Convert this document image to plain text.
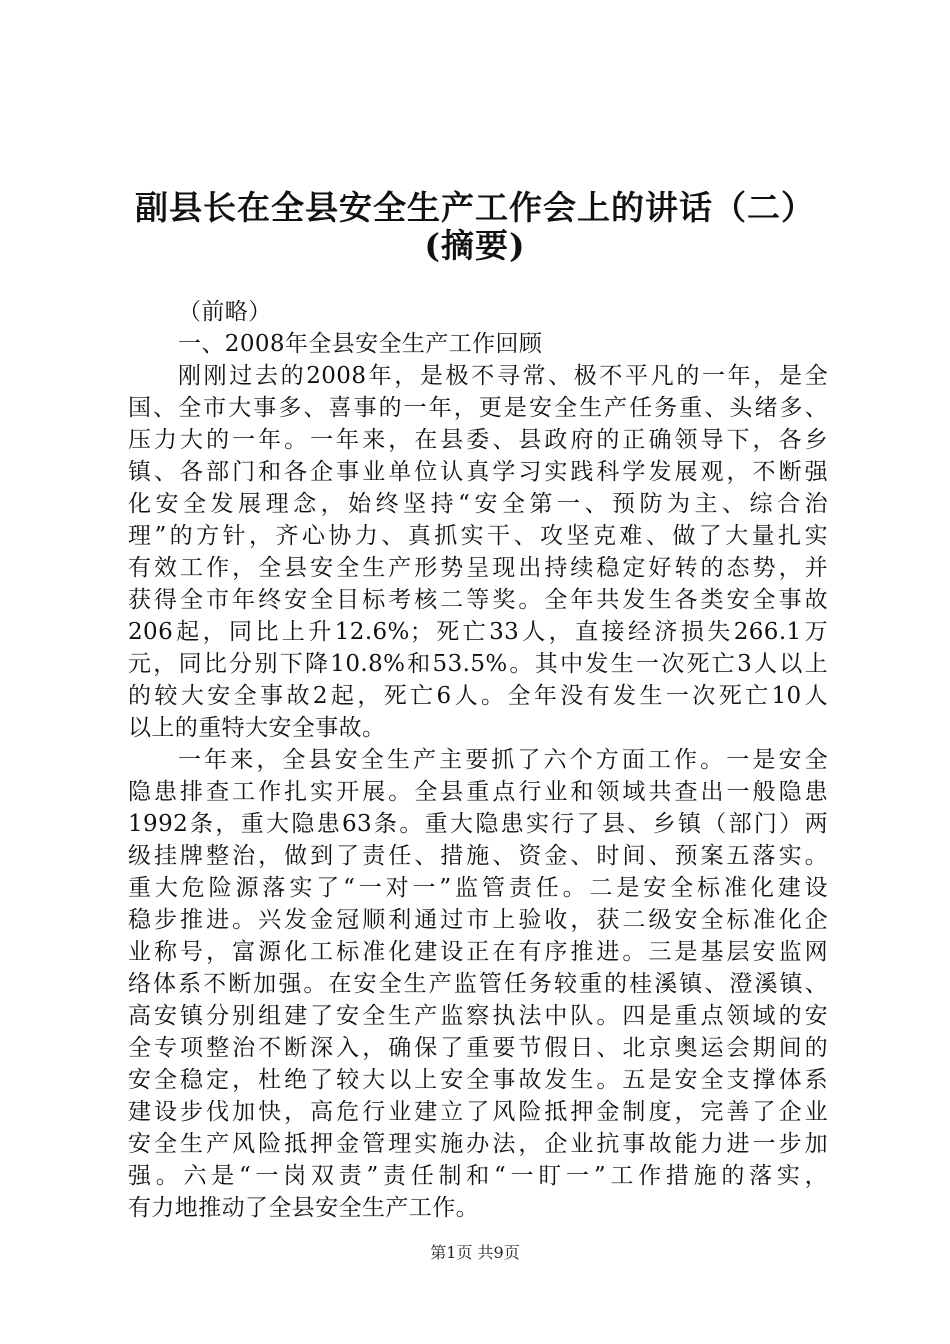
副县长在全县安全生产工作会上的讲话（二）
(摘要)
（前略）
一、2008年全县安全生产工作回顾
刚刚过去的2008年，是极不寻常、极不平凡的一年，是全
国、全市大事多、喜事的一年，更是安全生产任务重、头绪多、
压力大的一年。一年来，在县委、县政府的正确领导下，各乡
镇、各部门和各企事业单位认真学习实践科学发展观，不断强
化安全发展理念，始终坚持“安全第一、预防为主、综合治
理”的方针，齐心协力、真抓实干、攻坚克难、做了大量扎实
有效工作，全县安全生产形势呈现出持续稳定好转的态势，并
获得全市年终安全目标考核二等奖。全年共发生各类安全事故
206起，同比上升12.6%；死亡33人，直接经济损失266.1万
元，同比分别下降10.8%和53.5%。其中发生一次死亡3人以上
的较大安全事故2起，死亡6人。全年没有发生一次死亡10人
以上的重特大安全事故。
一年来，全县安全生产主要抓了六个方面工作。一是安全
隐患排查工作扎实开展。全县重点行业和领域共查出一般隐患
1992条，重大隐患63条。重大隐患实行了县、乡镇（部门）两
级挂牌整治，做到了责任、措施、资金、时间、预案五落实。
重大危险源落实了“一对一”监管责任。二是安全标准化建设
稳步推进。兴发金冠顺利通过市上验收，获二级安全标准化企
业称号，富源化工标准化建设正在有序推进。三是基层安监网
络体系不断加强。在安全生产监管任务较重的桂溪镇、澄溪镇、
高安镇分别组建了安全生产监察执法中队。四是重点领域的安
全专项整治不断深入，确保了重要节假日、北京奥运会期间的
安全稳定，杜绝了较大以上安全事故发生。五是安全支撑体系
建设步伐加快，高危行业建立了风险抵押金制度，完善了企业
安全生产风险抵押金管理实施办法，企业抗事故能力进一步加
强。六是“一岗双责”责任制和“一盯一”工作措施的落实，
有力地推动了全县安全生产工作。
第1页 共9页
